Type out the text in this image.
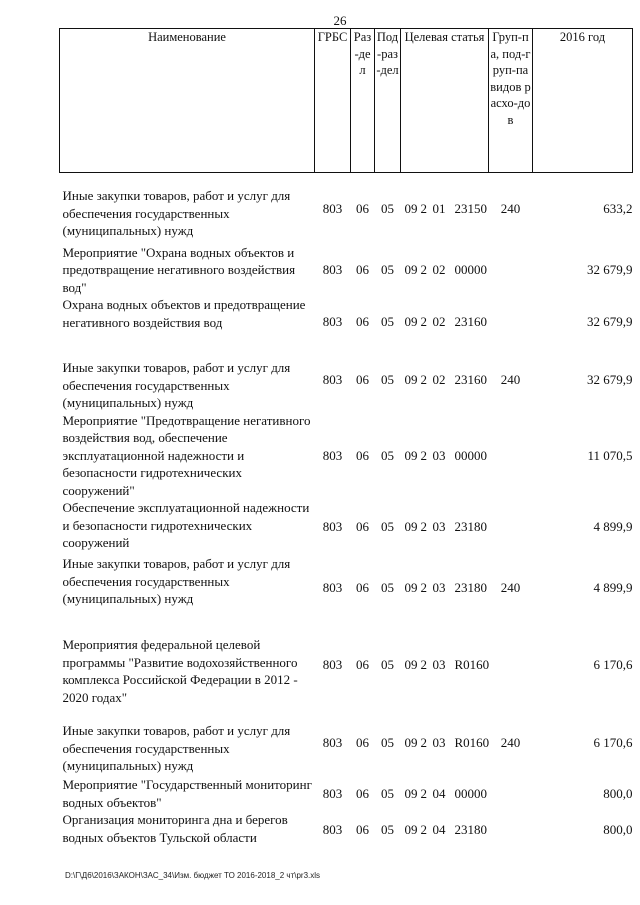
26
Наименование	ГРБС	Раз-дел	Под-раз-дел	Целевая статья	Груп-па, под-груп-па видов расхо-дов	2016 год
Иные закупки товаров, работ и услуг для обеспечения государственных (муниципальных) нужд	803	06	05	09 2 01 23150	240	633,2
Мероприятие "Охрана водных объектов и предотвращение негативного воздействия вод"	803	06	05	09 2 02 00000		32 679,9
Охрана водных объектов и предотвращение негативного воздействия вод	803	06	05	09 2 02 23160		32 679,9
Иные закупки товаров, работ и услуг для обеспечения государственных (муниципальных) нужд	803	06	05	09 2 02 23160	240	32 679,9
Мероприятие "Предотвращение негативного воздействия вод, обеспечение эксплуатационной надежности и безопасности гидротехнических сооружений"	803	06	05	09 2 03 00000		11 070,5
Обеспечение эксплуатационной надежности и безопасности гидротехнических сооружений	803	06	05	09 2 03 23180		4 899,9
Иные закупки товаров, работ и услуг для обеспечения государственных (муниципальных) нужд	803	06	05	09 2 03 23180	240	4 899,9
Мероприятия федеральной целевой программы "Развитие водохозяйственного комплекса Российской Федерации в 2012 - 2020 годах"	803	06	05	09 2 03 R0160		6 170,6
Иные закупки товаров, работ и услуг для обеспечения государственных (муниципальных) нужд	803	06	05	09 2 03 R0160	240	6 170,6
Мероприятие "Государственный мониторинг водных объектов"	803	06	05	09 2 04 00000		800,0
Организация мониторинга дна и берегов водных объектов Тульской области	803	06	05	09 2 04 23180		800,0
D:\Г\Д6\2016\ЗАКОН\ЗАС_34\Изм. бюджет ТО 2016-2018_2 чт\pr3.xls
